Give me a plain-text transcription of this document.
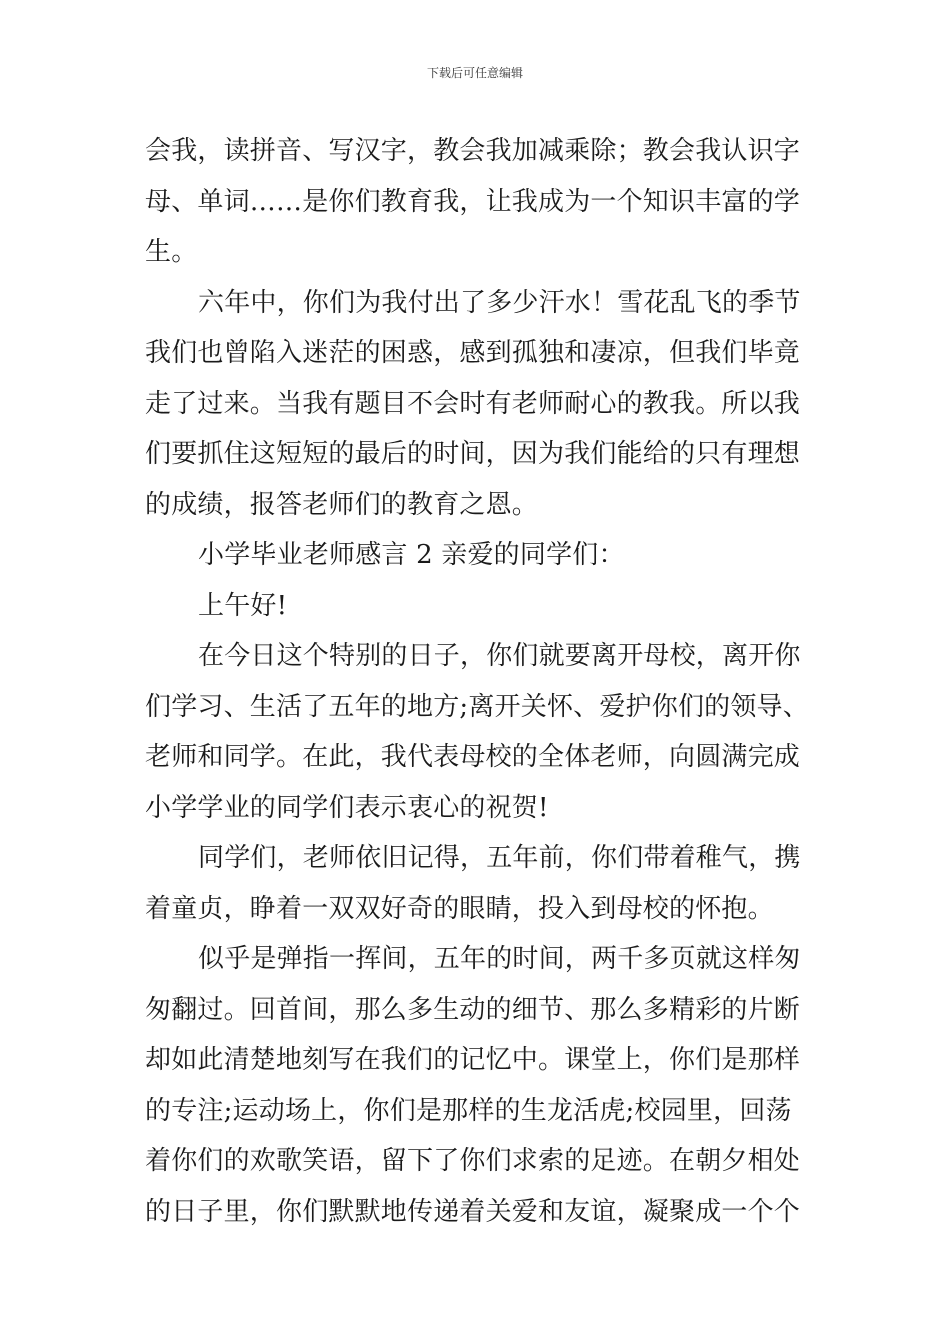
下载后可任意编辑
会我，读拼音、写汉字，教会我加减乘除；教会我认识字
母、单词……是你们教育我，让我成为一个知识丰富的学
生。
六年中，你们为我付出了多少汗水！雪花乱飞的季节
我们也曾陷入迷茫的困惑，感到孤独和凄凉，但我们毕竟
走了过来。当我有题目不会时有老师耐心的教我。所以我
们要抓住这短短的最后的时间，因为我们能给的只有理想
的成绩，报答老师们的教育之恩。
小学毕业老师感言 2 亲爱的同学们：
上午好!
在今日这个特别的日子，你们就要离开母校，离开你
们学习、生活了五年的地方;离开关怀、爱护你们的领导、
老师和同学。在此，我代表母校的全体老师，向圆满完成
小学学业的同学们表示衷心的祝贺!
同学们，老师依旧记得，五年前，你们带着稚气，携
着童贞，睁着一双双好奇的眼睛，投入到母校的怀抱。
似乎是弹指一挥间，五年的时间，两千多页就这样匆
匆翻过。回首间，那么多生动的细节、那么多精彩的片断
却如此清楚地刻写在我们的记忆中。课堂上，你们是那样
的专注;运动场上，你们是那样的生龙活虎;校园里，回荡
着你们的欢歌笑语，留下了你们求索的足迹。在朝夕相处
的日子里，你们默默地传递着关爱和友谊，凝聚成一个个
